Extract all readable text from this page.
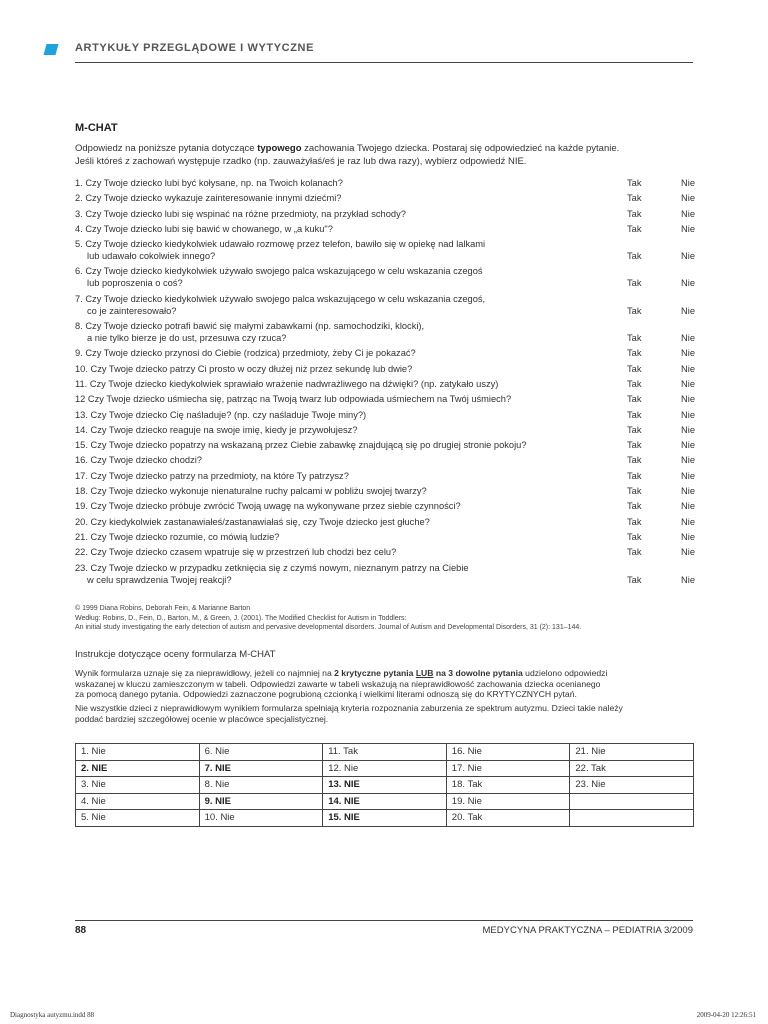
ARTYKUŁY PRZEGLĄDOWE I WYTYCZNE
M-CHAT
Odpowiedz na poniższe pytania dotyczące typowego zachowania Twojego dziecka. Postaraj się odpowiedzieć na każde pytanie.
Jeśli któreś z zachowań występuje rzadko (np. zauważyłaś/eś je raz lub dwa razy), wybierz odpowiedź NIE.
1. Czy Twoje dziecko lubi być kołysane, np. na Twoich kolanach?	Tak	Nie
2. Czy Twoje dziecko wykazuje zainteresowanie innymi dziećmi?	Tak	Nie
3. Czy Twoje dziecko lubi się wspinać na różne przedmioty, na przykład schody?	Tak	Nie
4. Czy Twoje dziecko lubi się bawić w chowanego, w „a kuku"?	Tak	Nie
5. Czy Twoje dziecko kiedykolwiek udawało rozmowę przez telefon, bawiło się w opiekę nad lalkami
lub udawało cokolwiek innego?	Tak	Nie
6. Czy Twoje dziecko kiedykolwiek używało swojego palca wskazującego w celu wskazania czegoś
lub poproszenia o coś?	Tak	Nie
7. Czy Twoje dziecko kiedykolwiek używało swojego palca wskazującego w celu wskazania czegoś,
co je zainteresowało?	Tak	Nie
8. Czy Twoje dziecko potrafi bawić się małymi zabawkami (np. samochodziki, klocki),
a nie tylko bierze je do ust, przesuwa czy rzuca?	Tak	Nie
9. Czy Twoje dziecko przynosi do Ciebie (rodzica) przedmioty, żeby Ci je pokazać?	Tak	Nie
10. Czy Twoje dziecko patrzy Ci prosto w oczy dłużej niż przez sekundę lub dwie?	Tak	Nie
11. Czy Twoje dziecko kiedykolwiek sprawiało wrażenie nadwrażliwego na dźwięki? (np. zatykało uszy)	Tak	Nie
12 Czy Twoje dziecko uśmiecha się, patrząc na Twoją twarz lub odpowiada uśmiechem na Twój uśmiech?	Tak	Nie
13. Czy Twoje dziecko Cię naśladuje? (np. czy naśladuje Twoje miny?)	Tak	Nie
14. Czy Twoje dziecko reaguje na swoje imię, kiedy je przywołujesz?	Tak	Nie
15. Czy Twoje dziecko popatrzy na wskazaną przez Ciebie zabawkę znajdującą się po drugiej stronie pokoju?	Tak	Nie
16. Czy Twoje dziecko chodzi?	Tak	Nie
17. Czy Twoje dziecko patrzy na przedmioty, na które Ty patrzysz?	Tak	Nie
18. Czy Twoje dziecko wykonuje nienaturalne ruchy palcami w pobliżu swojej twarzy?	Tak	Nie
19. Czy Twoje dziecko próbuje zwrócić Twoją uwagę na wykonywane przez siebie czynności?	Tak	Nie
20. Czy kiedykolwiek zastanawiałeś/zastanawiałaś się, czy Twoje dziecko jest głuche?	Tak	Nie
21. Czy Twoje dziecko rozumie, co mówią ludzie?	Tak	Nie
22. Czy Twoje dziecko czasem wpatruje się w przestrzeń lub chodzi bez celu?	Tak	Nie
23. Czy Twoje dziecko w przypadku zetknięcia się z czymś nowym, nieznanym patrzy na Ciebie
w celu sprawdzenia Twojej reakcji?	Tak	Nie
© 1999 Diana Robins, Deborah Fein, & Marianne Barton
Według: Robins, D., Fein, D., Barton, M., & Green, J. (2001). The Modified Checklist for Autism in Toddlers:
An initial study investigating the early detection of autism and pervasive developmental disorders. Journal of Autism and Developmental Disorders, 31 (2): 131–144.
Instrukcje dotyczące oceny formularza M-CHAT
Wynik formularza uznaje się za nieprawidłowy, jeżeli co najmniej na 2 krytyczne pytania LUB na 3 dowolne pytania udzielono odpowiedzi
wskazanej w kluczu zamieszczonym w tabeli. Odpowiedzi zawarte w tabeli wskazują na nieprawidłowość zachowania dziecka ocenianego
za pomocą danego pytania. Odpowiedzi zaznaczone pogrubioną czcionką i wielkimi literami odnoszą się do KRYTYCZNYCH pytań.
Nie wszystkie dzieci z nieprawidłowym wynikiem formularza spełniają kryteria rozpoznania zaburzenia ze spektrum autyzmu. Dzieci takie należy
poddać bardziej szczegółowej ocenie w placówce specjalistycznej.
1. Nie	6. Nie	11. Tak	16. Nie	21. Nie
2. NIE	7. NIE	12. Nie	17. Nie	22. Tak
3. Nie	8. Nie	13. NIE	18. Tak	23. Nie
4. Nie	9. NIE	14. NIE	19. Nie	
5. Nie	10. Nie	15. NIE	20. Tak	
88	MEDYCYNA PRAKTYCZNA – PEDIATRIA 3/2009
Diagnostyka autyzmu.indd 88	2009-04-20 12:26:51
